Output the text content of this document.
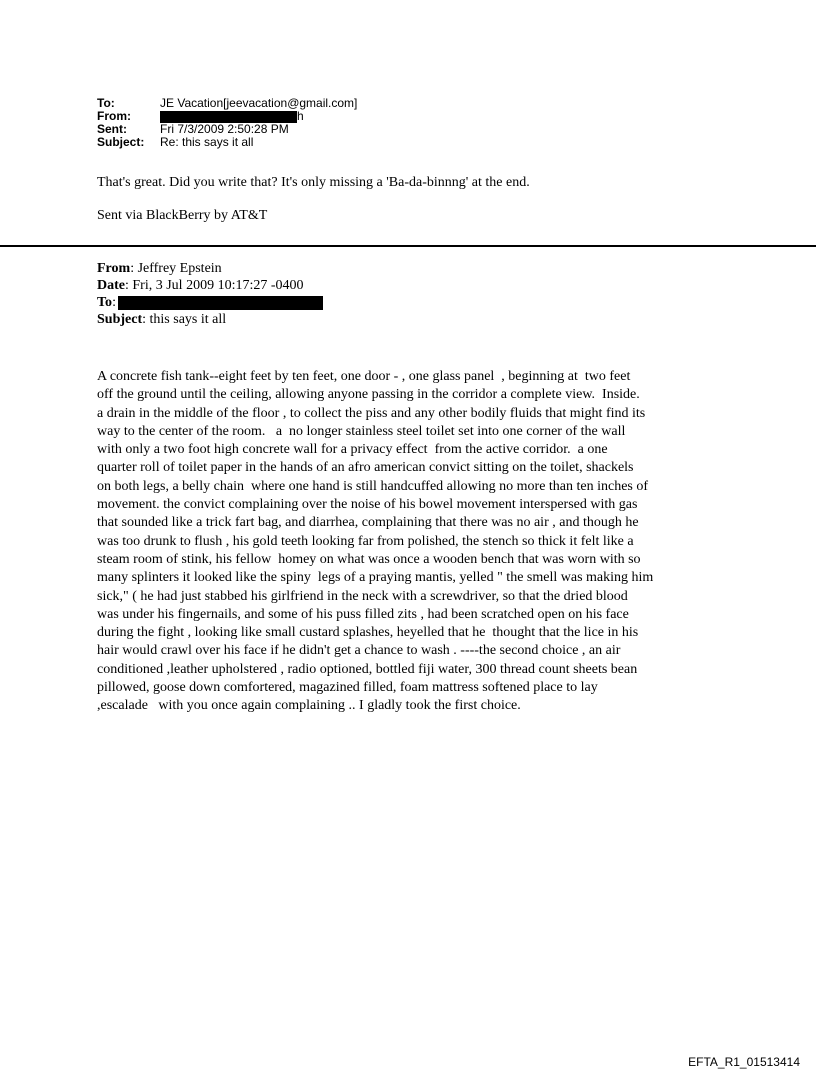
To:	JE Vacation[jeevacation@gmail.com]
From:	h
Sent:	Fri 7/3/2009 2:50:28 PM
Subject:	Re: this says it all

That's great. Did you write that? It's only missing a 'Ba-da-binnng' at the end.

Sent via BlackBerry by AT&T

From : Jeffrey Epstein
Date : Fri, 3 Jul 2009 10:17:27 -0400
To :
Subject : this says it all
A concrete fish tank--eight feet by ten feet, one door - , one glass panel  , beginning at  two feet
off the ground until the ceiling, allowing anyone passing in the corridor a complete view.  Inside.
a drain in the middle of the floor , to collect the piss and any other bodily fluids that might find its
way to the center of the room.   a  no longer stainless steel toilet set into one corner of the wall
with only a two foot high concrete wall for a privacy effect  from the active corridor.  a one
quarter roll of toilet paper in the hands of an afro american convict sitting on the toilet, shackels
on both legs, a belly chain  where one hand is still handcuffed allowing no more than ten inches of
movement. the convict complaining over the noise of his bowel movement interspersed with gas
that sounded like a trick fart bag, and diarrhea, complaining that there was no air , and though he
was too drunk to flush , his gold teeth looking far from polished, the stench so thick it felt like a
steam room of stink, his fellow  homey on what was once a wooden bench that was worn with so
many splinters it looked like the spiny  legs of a praying mantis, yelled " the smell was making him
sick," ( he had just stabbed his girlfriend in the neck with a screwdriver, so that the dried blood
was under his fingernails, and some of his puss filled zits , had been scratched open on his face
during the fight , looking like small custard splashes, heyelled that he  thought that the lice in his
hair would crawl over his face if he didn't get a chance to wash . ----the second choice , an air
conditioned ,leather upholstered , radio optioned, bottled fiji water, 300 thread count sheets bean
pillowed, goose down comfortered, magazined filled, foam mattress softened place to lay
,escalade   with you once again complaining .. I gladly took the first choice.
EFTA_R1_01513414
